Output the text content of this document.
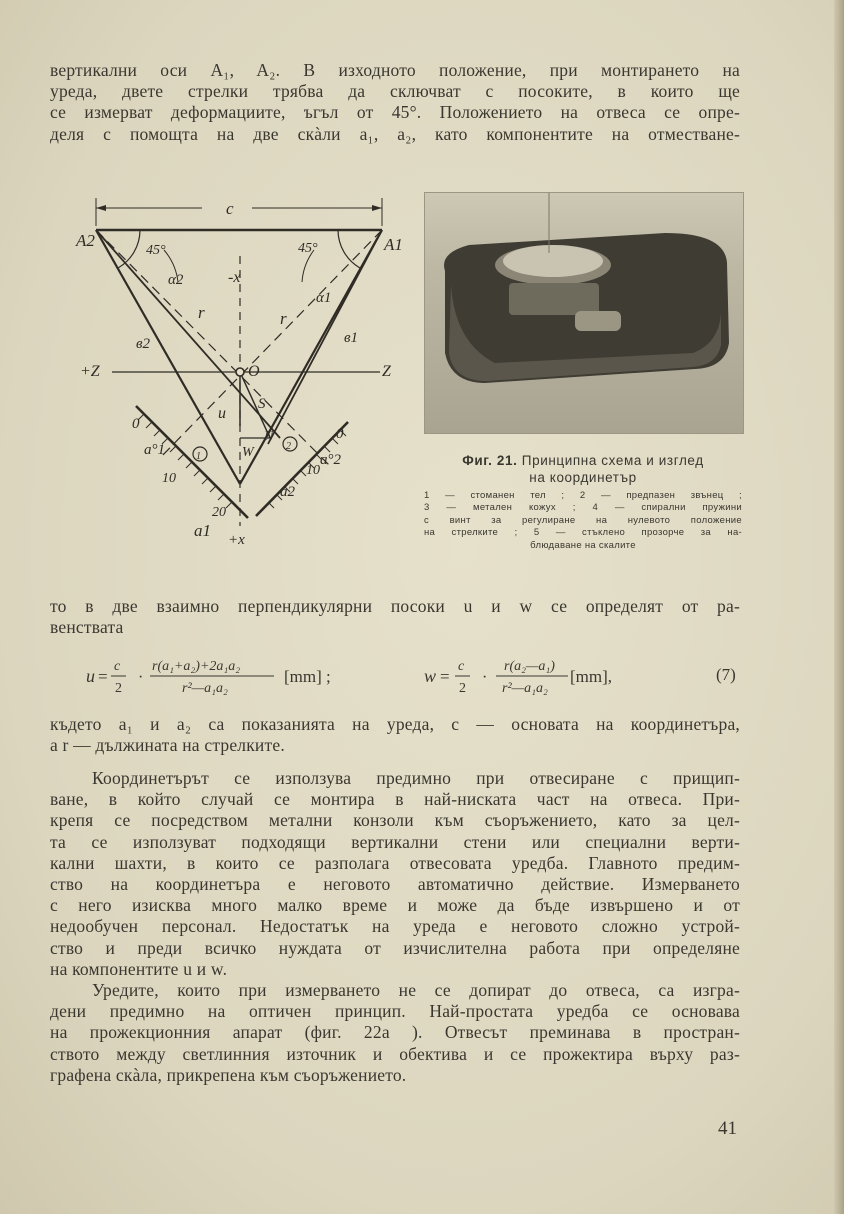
вертикални оси A₁, A₂. В изходното положение, при монтирането на
уреда, двете стрелки трябва да сключват с посоките, в които ще
се измерват деформациите, ъгъл от 45°. Положението на отвеса се опре-
деля с помощта на две скàли a₁, a₂, като компонентите на отместване-
c
A2	A1
45°	45°
α2
α1
-x
+Z	Z
O
r	r
в2	в1
u
S
W
N
0
0
a°1
a°2
10
10
20
a2
a1 +x
1
2
Фиг. 21. Принципна схема и изглед
на координетър
1 — стоманен тел ; 2 — предпазен звънец ;
3 — метален кожух ; 4 — спирални пружини
с винт за регулиране на нулевото положение
на стрелките ; 5 — стъклено прозорче за на-
блюдаване на скалите
то в две взаимно перпендикулярни посоки u и w се определят от ра-
венствата
u =
c
2
·
r(a₁+a₂)+2a₁a₂
r²—a₁a₂
[mm] ;	w =
c
2
·
r(a₂—a₁)
r²—a₁a₂
[mm],	(7)
където a₁ и a₂ са показанията на уреда, c — основата на координетъра,
а r — дължината на стрелките.
Координетърът се използува предимно при отвесиране с прищип-
ване, в който случай се монтира в най-ниската част на отвеса. При-
крепя се посредством метални конзоли към съоръжението, като за цел-
та се използуват подходящи вертикални стени или специални верти-
кални шахти, в които се разполага отвесовата уредба. Главното предим-
ство на координетъра е неговото автоматично действие. Измерването
с него изисква много малко време и може да бъде извършено и от
недообучен персонал. Недостатък на уреда е неговото сложно устрой-
ство и преди всичко нуждата от изчислителна работа при определяне
на компонентите u и w.
Уредите, които при измерването не се допират до отвеса, са изгра-
дени предимно на оптичен принцип. Най-простата уредба се основава
на прожекционния апарат (фиг. 22a ). Отвесът преминава в простран-
ството между светлинния източник и обектива и се прожектира върху раз-
графена скàла, прикрепена към съоръжението.
41
